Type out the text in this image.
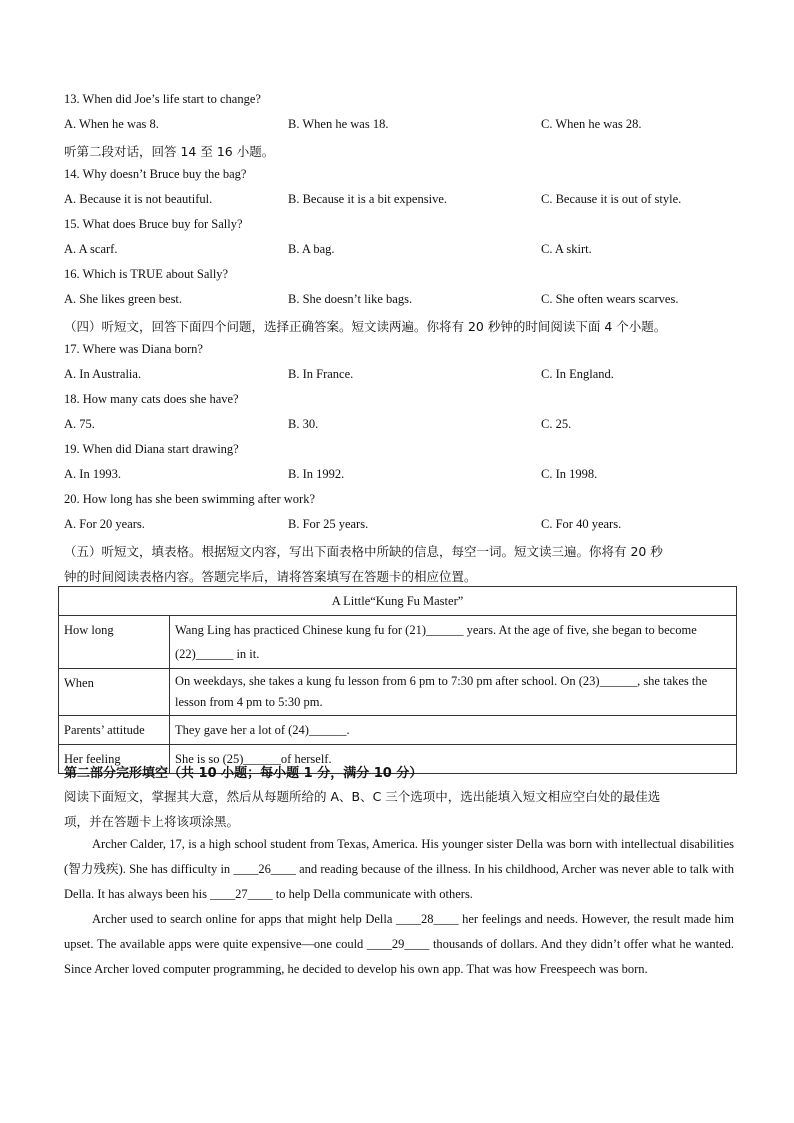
13. When did Joe’s life start to change?
A. When he was 8.	B. When he was 18.	C. When he was 28.
听第二段对话，回答 14 至 16 小题。
14. Why doesn’t Bruce buy the bag?
A. Because it is not beautiful.	B. Because it is a bit expensive.	C. Because it is out of style.
15. What does Bruce buy for Sally?
A. A scarf.	B. A bag.	C. A skirt.
16. Which is TRUE about Sally?
A. She likes green best.	B. She doesn’t like bags.	C. She often wears scarves.
（四）听短文，回答下面四个问题，选择正确答案。短文读两遍。你将有 20 秒钟的时间阅读下面 4 个小题。
17. Where was Diana born?
A. In Australia.	B. In France.	C. In England.
18. How many cats does she have?
A. 75.	B. 30.	C. 25.
19. When did Diana start drawing?
A. In 1993.	B. In 1992.	C. In 1998.
20. How long has she been swimming after work?
A. For 20 years.	B. For 25 years.	C. For 40 years.
（五）听短文，填表格。根据短文内容，写出下面表格中所缺的信息，每空一词。短文读三遍。你将有 20 秒
钟的时间阅读表格内容。答题完毕后，请将答案填写在答题卡的相应位置。
A Little“Kung Fu Master”	
How long	Wang Ling has practiced Chinese kung fu for (21)______ years. At the age of five, she began to become (22)______ in it.
When	On weekdays, she takes a kung fu lesson from 6 pm to 7:30 pm after school. On (23)______, she takes the lesson from 4 pm to 5:30 pm.
Parents’ attitude	They gave her a lot of (24)______.
Her feeling	She is so (25)______of herself.
第二部分完形填空（共 10 小题；每小题 1 分，满分 10 分）
阅读下面短文，掌握其大意，然后从每题所给的 A、B、C 三个选项中，选出能填入短文相应空白处的最佳选
项，并在答题卡上将该项涂黑。

Archer Calder, 17, is a high school student from Texas, America. His younger sister Della was born with intellectual disabilities (智力残疾). She has difficulty in ____26____ and reading because of the illness. In his childhood, Archer was never able to talk with Della. It has always been his ____27____ to help Della communicate with others.

Archer used to search online for apps that might help Della ____28____ her feelings and needs. However, the result made him upset. The available apps were quite expensive—one could ____29____ thousands of dollars. And they didn’t offer what he wanted. Since Archer loved computer programming, he decided to develop his own app. That was how Freespeech was born.
